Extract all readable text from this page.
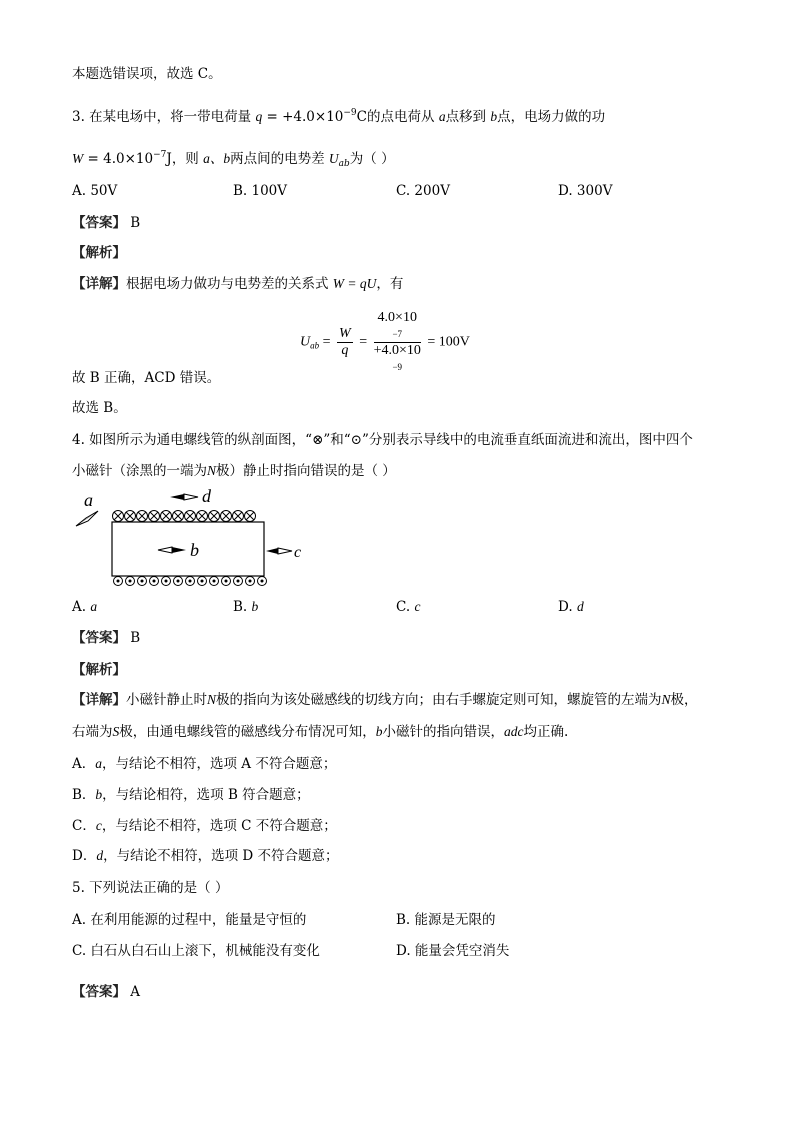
本题选错误项，故选 C。
3. 在某电场中，将一带电荷量 $q = +4.0\times 10^{-9}C$的点电荷从 a点移到 b点，电场力做的功
$W = 4.0\times 10^{-7}J$，则 a、b两点间的电势差 $U_{ab}$为（ ）
A. 50V	B. 100V	C. 200V	D. 300V
【答案】 B
【解析】
【详解】根据电场力做功与电势差的关系式 W = qU，有
$U_{ab} = \frac{W}{q} = 4.0\times 10$
−7
+4.0×10
−9 = 100V
故 B 正确，ACD 错误。
故选 B。
4. 如图所示为通电螺线管的纵剖面图，“⊗”和“⊙”分别表示导线中的电流垂直纸面流进和流出，图中四个
小磁针（涂黑的一端为N极）静止时指向错误的是（ ）
a	d
b	c
A. a	B. b	C. c	D. d
【答案】 B
【解析】
【详解】小磁针静止时N极的指向为该处磁感线的切线方向；由右手螺旋定则可知，螺旋管的左端为N极，
右端为S极，由通电螺线管的磁感线分布情况可知，b小磁针的指向错误，adc均正确.
A．a，与结论不相符，选项 A 不符合题意；
B．b，与结论相符，选项 B 符合题意；
C．c，与结论不相符，选项 C 不符合题意；
D．d，与结论不相符，选项 D 不符合题意；
5. 下列说法正确的是（ ）
A. 在利用能源的过程中，能量是守恒的	B. 能源是无限的
C. 白石从白石山上滚下，机械能没有变化	D. 能量会凭空消失
【答案】 A
